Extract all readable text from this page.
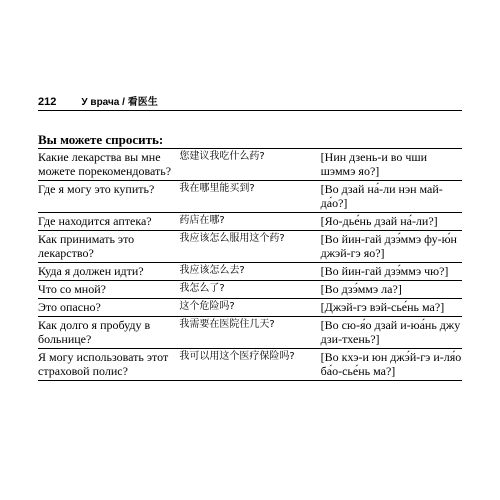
212	У врача / 看医生
Вы можете спросить:
Какие лекарства вы мне можете порекомендовать?	您建议我吃什么药?	[Нин дзень-и во чши шэммэ яо?]
Где я могу это купить?	我在哪里能买到?	[Во дзай на́-ли нэн май-да́о?]
Где находится аптека?	药店在哪?	[Яо-дье́нь дзай на́-ли?]
Как принимать это лекарство?	我应该怎么服用这个药?	[Во йин-гай дзэ́ммэ фу-ю́н джэй-гэ яо?]
Куда я должен идти?	我应该怎么去?	[Во йин-гай дзэ́ммэ чю?]
Что со мной?	我怎么了?	[Во дзэ́ммэ ла?]
Это опасно?	这个危险吗?	[Джэй-гэ вэй-сье́нь ма?]
Как долго я пробуду в больнице?	我需要在医院住几天?	[Во сю-я́о дзай и-юа́нь джу дзи-тхень?]
Я могу использовать этот страховой полис?	我可以用这个医疗保险吗?	[Во кхэ-и юн джэ́й-гэ и-ля́о ба́о-сье́нь ма?]
